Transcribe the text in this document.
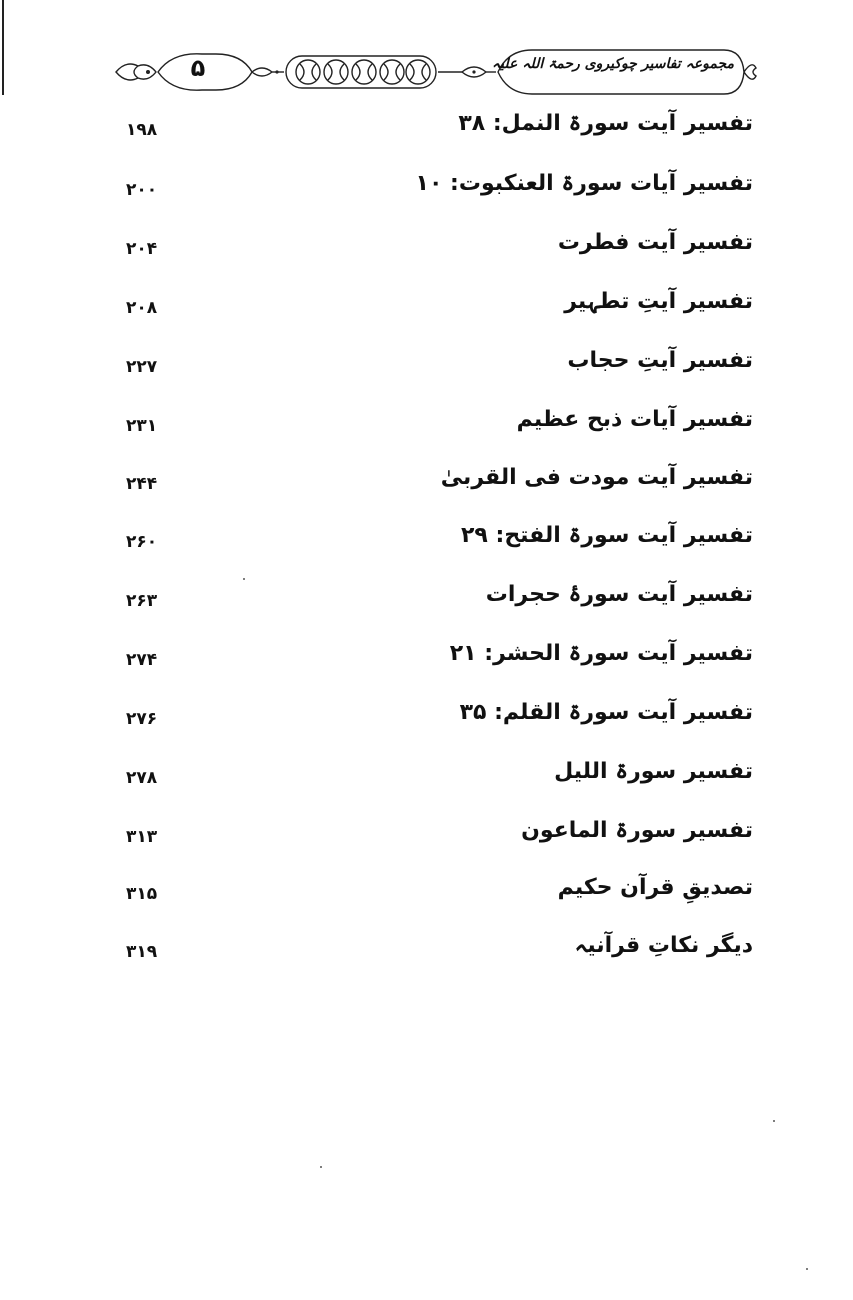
۵	مجموعہ تفاسیر چوکیروی رحمۃ اللہ علیہ
تفسیر آیت سورۃ النمل: ۳۸
۱۹۸
تفسیر آیات سورۃ العنکبوت: ۱۰
۲۰۰
تفسیر آیت فطرت
۲۰۴
تفسیر آیتِ تطہیر
۲۰۸
تفسیر آیتِ حجاب
۲۲۷
تفسیر آیات ذبح عظیم
۲۳۱
تفسیر آیت مودت فی القربیٰ
۲۴۴
تفسیر آیت سورۃ الفتح: ۲۹
۲۶۰
تفسیر آیت سورۂ حجرات
۲۶۳
تفسیر آیت سورۃ الحشر: ۲۱
۲۷۴
تفسیر آیت سورۃ القلم: ۳۵
۲۷۶
تفسیر سورۃ اللیل
۲۷۸
تفسیر سورۃ الماعون
۳۱۳
تصدیقِ قرآن حکیم
۳۱۵
دیگر نکاتِ قرآنیہ
۳۱۹
